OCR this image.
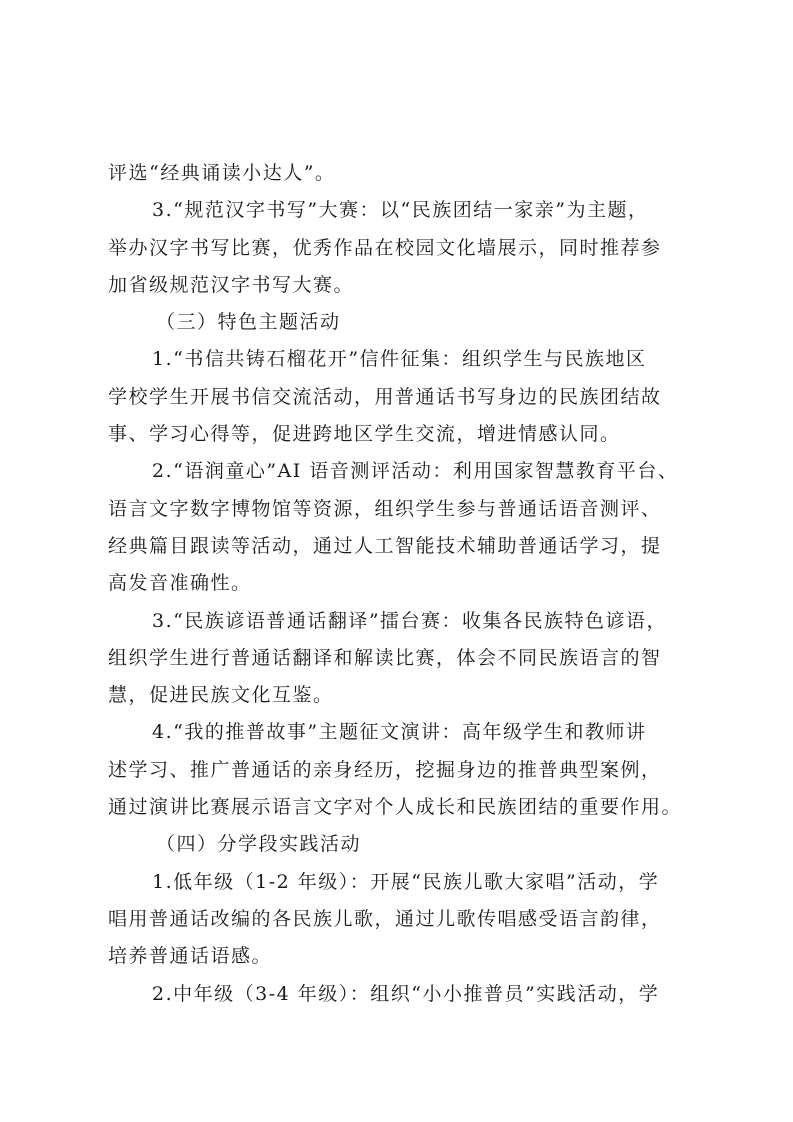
评选“经典诵读小达人”。
3.“规范汉字书写”大赛：以“民族团结一家亲”为主题，
举办汉字书写比赛，优秀作品在校园文化墙展示，同时推荐参
加省级规范汉字书写大赛。
（三）特色主题活动
1.“书信共铸石榴花开”信件征集：组织学生与民族地区
学校学生开展书信交流活动，用普通话书写身边的民族团结故
事、学习心得等，促进跨地区学生交流，增进情感认同。
2.“语润童心”AI 语音测评活动：利用国家智慧教育平台、
语言文字数字博物馆等资源，组织学生参与普通话语音测评、
经典篇目跟读等活动，通过人工智能技术辅助普通话学习，提
高发音准确性。
3.“民族谚语普通话翻译”擂台赛：收集各民族特色谚语，
组织学生进行普通话翻译和解读比赛，体会不同民族语言的智
慧，促进民族文化互鉴。
4.“我的推普故事”主题征文演讲：高年级学生和教师讲
述学习、推广普通话的亲身经历，挖掘身边的推普典型案例，
通过演讲比赛展示语言文字对个人成长和民族团结的重要作用。
（四）分学段实践活动
1.低年级（1-2 年级）：开展“民族儿歌大家唱”活动，学
唱用普通话改编的各民族儿歌，通过儿歌传唱感受语言韵律，
培养普通话语感。
2.中年级（3-4 年级）：组织“小小推普员”实践活动，学
